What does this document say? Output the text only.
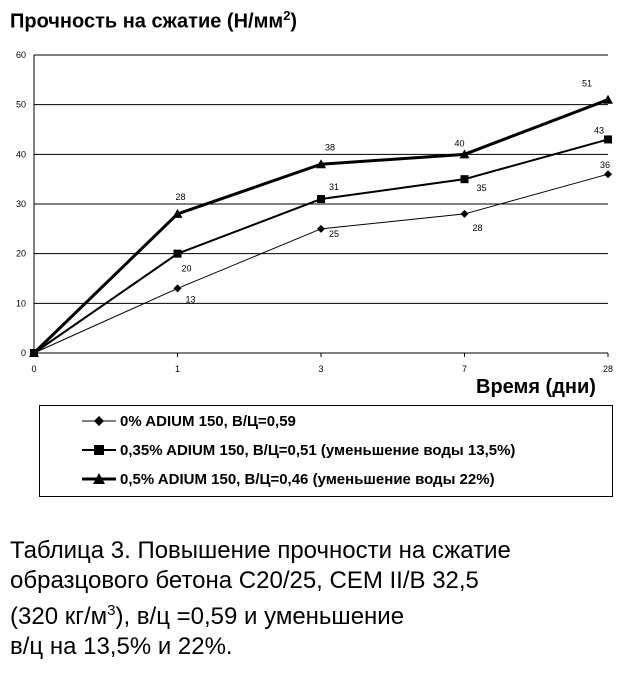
Прочность на сжатие $(Н/мм^2)$
0
10
20
30
40
50
60
0	1	3	7	28
13
25
28
36
20
31	35
43
28
38	40
51
Время (дни)
0% ADIUM 150, В/Ц=0,59
0,35% ADIUM 150, В/Ц=0,51 (уменьшение воды 13,5%)
0,5% ADIUM 150, В/Ц=0,46 (уменьшение воды 22%)
Таблица 3. Повышение прочности на сжатие
образцового бетона C20/25, CEM II/B 32,5
(320 $кг/м^3$), в/ц =0,59 и уменьшение
в/ц на 13,5% и 22%.
